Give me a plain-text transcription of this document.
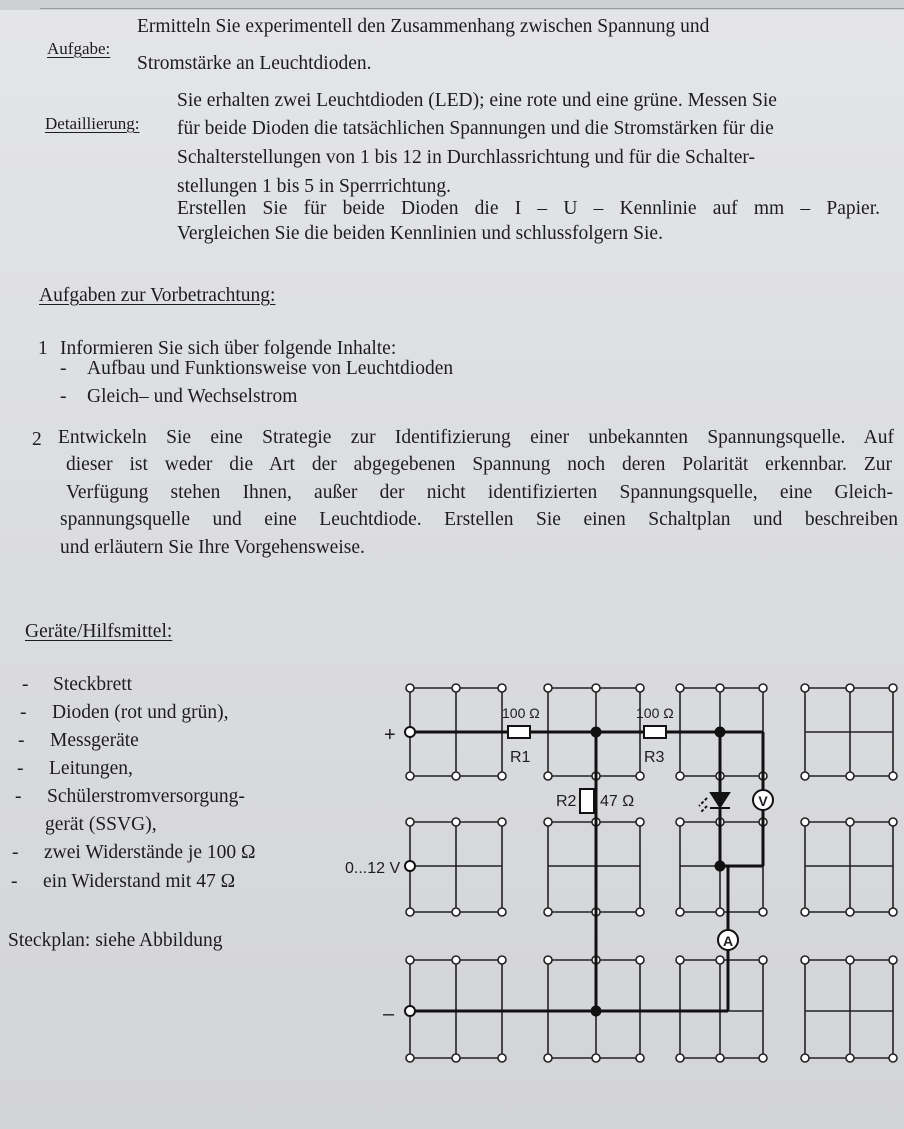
Aufgabe:
Ermitteln Sie experimentell den Zusammenhang zwischen Spannung und
Stromstärke an Leuchtdioden.
Detaillierung:
Sie erhalten zwei Leuchtdioden (LED); eine rote und eine grüne. Messen Sie
für beide Dioden die tatsächlichen Spannungen und die Stromstärken für die
Schalterstellungen von 1 bis 12 in Durchlassrichtung und für die Schalter-
stellungen 1 bis 5 in Sperrrichtung.
Erstellen Sie für beide Dioden die I – U – Kennlinie auf mm – Papier.
Vergleichen Sie die beiden Kennlinien und schlussfolgern Sie.
Aufgaben zur Vorbetrachtung:
1 Informieren Sie sich über folgende Inhalte:
- Aufbau und Funktionsweise von Leuchtdioden
- Gleich– und Wechselstrom
2 Entwickeln Sie eine Strategie zur Identifizierung einer unbekannten Spannungsquelle. Auf
dieser ist weder die Art der abgegebenen Spannung noch deren Polarität erkennbar. Zur
Verfügung stehen Ihnen, außer der nicht identifizierten Spannungsquelle, eine Gleich-
spannungsquelle und eine Leuchtdiode. Erstellen Sie einen Schaltplan und beschreiben
und erläutern Sie Ihre Vorgehensweise.
Geräte/Hilfsmittel:
- Steckbrett
- Dioden (rot und grün),
- Messgeräte
- Leitungen,
- Schülerstromversorgung-
gerät (SSVG),
- zwei Widerstände je 100 Ω
- ein Widerstand mit 47 Ω
Steckplan: siehe Abbildung
V
A
+
–
0...12 V
100 Ω
R1
100 Ω
R3
R2 47 Ω
